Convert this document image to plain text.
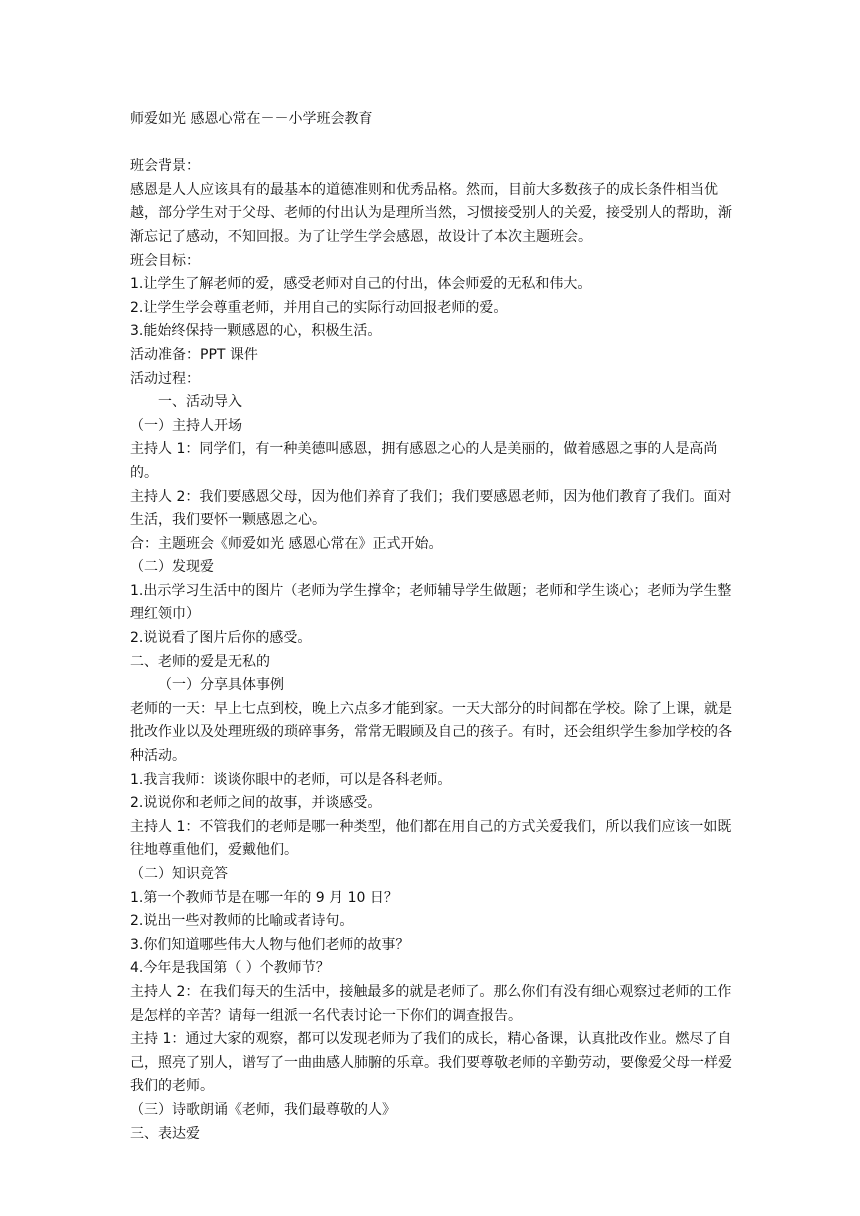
师爱如光 感恩心常在－－小学班会教育

班会背景：

感恩是人人应该具有的最基本的道德准则和优秀品格。然而，目前大多数孩子的成长条件相当优越，部分学生对于父母、老师的付出认为是理所当然，习惯接受别人的关爱，接受别人的帮助，渐渐忘记了感动，不知回报。为了让学生学会感恩，故设计了本次主题班会。

班会目标：

1.让学生了解老师的爱，感受老师对自己的付出，体会师爱的无私和伟大。

2.让学生学会尊重老师，并用自己的实际行动回报老师的爱。

3.能始终保持一颗感恩的心，积极生活。

活动准备：PPT 课件

活动过程：

一、活动导入

（一）主持人开场

主持人 1：同学们，有一种美德叫感恩，拥有感恩之心的人是美丽的，做着感恩之事的人是高尚的。

主持人 2：我们要感恩父母，因为他们养育了我们；我们要感恩老师，因为他们教育了我们。面对生活，我们要怀一颗感恩之心。

合：主题班会《师爱如光 感恩心常在》正式开始。

（二）发现爱

1.出示学习生活中的图片（老师为学生撑伞；老师辅导学生做题；老师和学生谈心；老师为学生整理红领巾）

2.说说看了图片后你的感受。

二、老师的爱是无私的

（一）分享具体事例

老师的一天：早上七点到校，晚上六点多才能到家。一天大部分的时间都在学校。除了上课，就是批改作业以及处理班级的琐碎事务，常常无暇顾及自己的孩子。有时，还会组织学生参加学校的各种活动。

1.我言我师：谈谈你眼中的老师，可以是各科老师。

2.说说你和老师之间的故事，并谈感受。

主持人 1：不管我们的老师是哪一种类型，他们都在用自己的方式关爱我们，所以我们应该一如既往地尊重他们，爱戴他们。

（二）知识竞答

1.第一个教师节是在哪一年的 9 月 10 日？

2.说出一些对教师的比喻或者诗句。

3.你们知道哪些伟大人物与他们老师的故事？

4.今年是我国第（ ）个教师节？

主持人 2：在我们每天的生活中，接触最多的就是老师了。那么你们有没有细心观察过老师的工作是怎样的辛苦？请每一组派一名代表讨论一下你们的调查报告。

主持 1：通过大家的观察，都可以发现老师为了我们的成长，精心备课，认真批改作业。燃尽了自己，照亮了别人，谱写了一曲曲感人肺腑的乐章。我们要尊敬老师的辛勤劳动，要像爱父母一样爱我们的老师。

（三）诗歌朗诵《老师，我们最尊敬的人》

三、表达爱
